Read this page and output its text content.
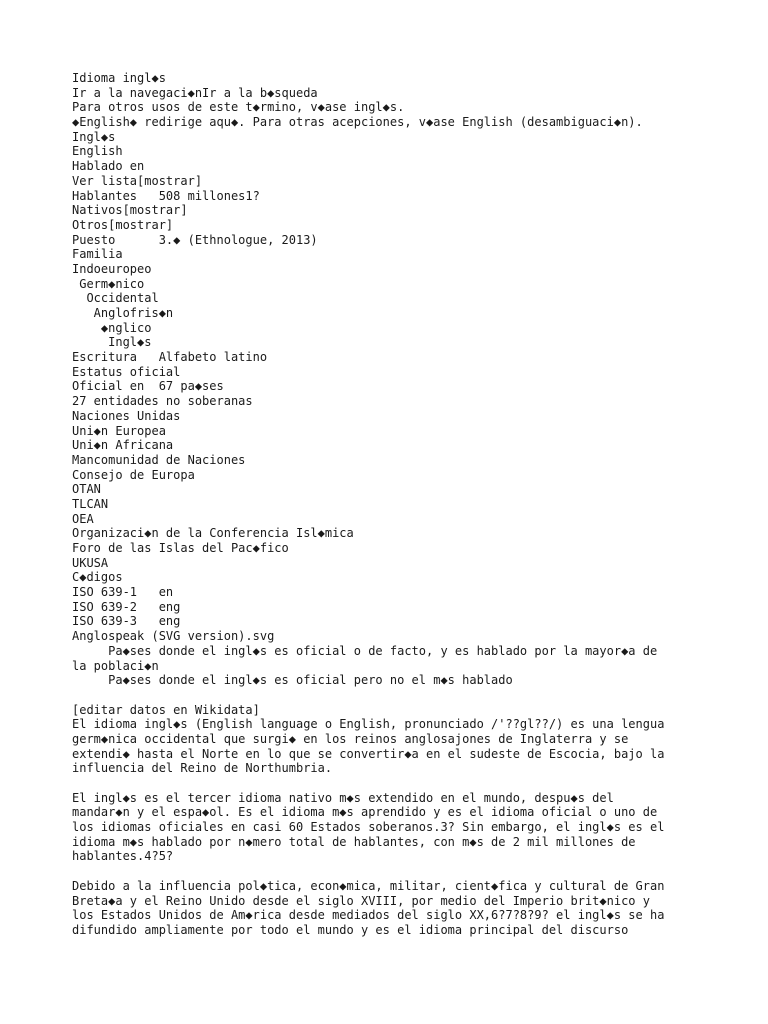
Idioma ingl◆s
Ir a la navegaci◆nIr a la b◆squeda
Para otros usos de este t◆rmino, v◆ase ingl◆s.
◆English◆ redirige aqu◆. Para otras acepciones, v◆ase English (desambiguaci◆n).
Ingl◆s
English
Hablado en
Ver lista[mostrar]
Hablantes   508 millones1?
Nativos[mostrar]
Otros[mostrar]
Puesto      3.◆ (Ethnologue, 2013)
Familia
Indoeuropeo
Germ◆nico
Occidental
Anglofris◆n
◆nglico
Ingl◆s
Escritura   Alfabeto latino
Estatus oficial
Oficial en  67 pa◆ses
27 entidades no soberanas
Naciones Unidas
Uni◆n Europea
Uni◆n Africana
Mancomunidad de Naciones
Consejo de Europa
OTAN
TLCAN
OEA
Organizaci◆n de la Conferencia Isl◆mica
Foro de las Islas del Pac◆fico
UKUSA
C◆digos
ISO 639-1   en
ISO 639-2   eng
ISO 639-3   eng
Anglospeak (SVG version).svg
Pa◆ses donde el ingl◆s es oficial o de facto, y es hablado por la mayor◆a de
la poblaci◆n
Pa◆ses donde el ingl◆s es oficial pero no el m◆s hablado
[editar datos en Wikidata]
El idioma ingl◆s (English language o English, pronunciado /'??gl??/) es una lengua
germ◆nica occidental que surgi◆ en los reinos anglosajones de Inglaterra y se
extendi◆ hasta el Norte en lo que se convertir◆a en el sudeste de Escocia, bajo la
influencia del Reino de Northumbria.
El ingl◆s es el tercer idioma nativo m◆s extendido en el mundo, despu◆s del
mandar◆n y el espa◆ol. Es el idioma m◆s aprendido y es el idioma oficial o uno de
los idiomas oficiales en casi 60 Estados soberanos.3? Sin embargo, el ingl◆s es el
idioma m◆s hablado por n◆mero total de hablantes, con m◆s de 2 mil millones de
hablantes.4?5?
Debido a la influencia pol◆tica, econ◆mica, militar, cient◆fica y cultural de Gran
Breta◆a y el Reino Unido desde el siglo XVIII, por medio del Imperio brit◆nico y
los Estados Unidos de Am◆rica desde mediados del siglo XX,6?7?8?9? el ingl◆s se ha
difundido ampliamente por todo el mundo y es el idioma principal del discurso
